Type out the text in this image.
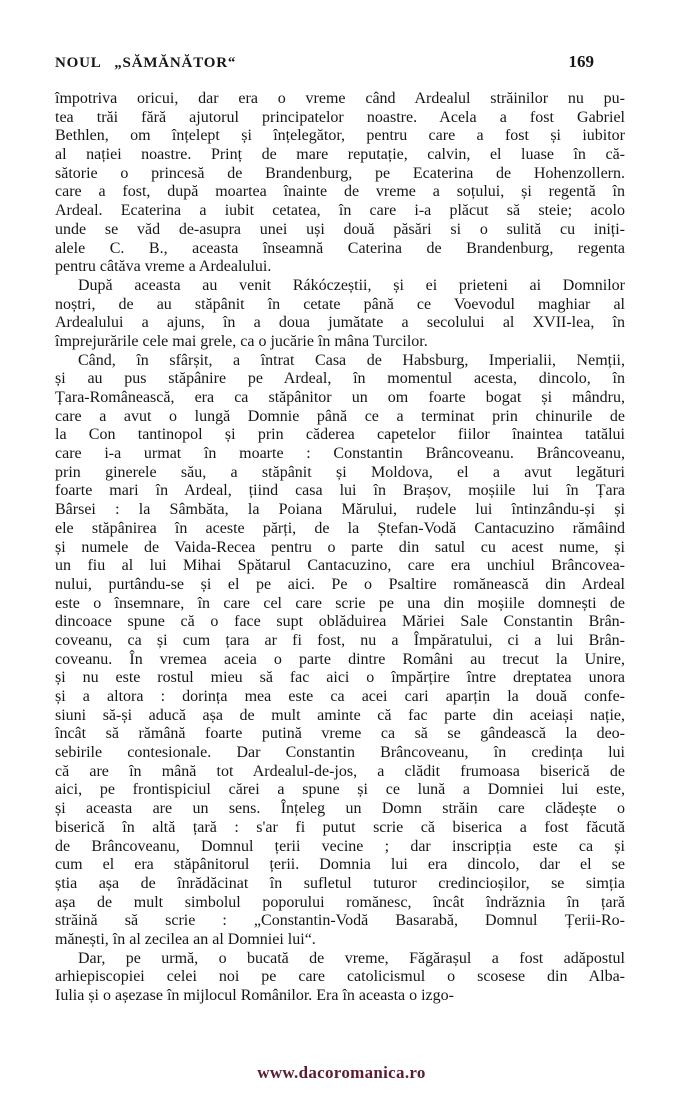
NOUL „SĂMĂNĂTOR“	169
împotriva oricui, dar era o vreme când Ardealul străinilor nu pu-
tea trăi fără ajutorul principatelor noastre. Acela a fost Gabriel
Bethlen, om înțelept și înțelegător, pentru care a fost și iubitor
al nației noastre. Prinț de mare reputație, calvin, el luase în că-
sătorie o princesă de Brandenburg, pe Ecaterina de Hohenzollern.
care a fost, după moartea înainte de vreme a soțului, și regentă în
Ardeal. Ecaterina a iubit cetatea, în care i-a plăcut să steie; acolo
unde se văd de-asupra unei uși două păsări si o sulită cu iniți-
alele C. B., aceasta înseamnă Caterina de Brandenburg, regenta
pentru câtăva vreme a Ardealului.
După aceasta au venit Rákóczeștii, și ei prieteni ai Domnilor
noștri, de au stăpânit în cetate până ce Voevodul maghiar al
Ardealului a ajuns, în a doua jumătate a secolului al XVII-lea, în
împrejurările cele mai grele, ca o jucărie în mâna Turcilor.
Când, în sfârșit, a întrat Casa de Habsburg, Imperialii, Nemții,
și au pus stăpânire pe Ardeal, în momentul acesta, dincolo, în
Țara-Românească, era ca stăpânitor un om foarte bogat și mândru,
care a avut o lungă Domnie până ce a terminat prin chinurile de
la Con tantinopol și prin căderea capetelor fiilor înaintea tatălui
care i-a urmat în moarte : Constantin Brâncoveanu. Brâncoveanu,
prin ginerele său, a stăpânit și Moldova, el a avut legături
foarte mari în Ardeal, țiind casa lui în Brașov, moșiile lui în Țara
Bârsei : la Sâmbăta, la Poiana Mărului, rudele lui întinzându-și și
ele stăpânirea în aceste părți, de la Ștefan-Vodă Cantacuzino rămâind
și numele de Vaida-Recea pentru o parte din satul cu acest nume, și
un fiu al lui Mihai Spătarul Cantacuzino, care era unchiul Brâncovea-
nului, purtându-se și el pe aici. Pe o Psaltire romănească din Ardeal
este o însemnare, în care cel care scrie pe una din moșiile domnești de
dincoace spune că o face supt oblăduirea Măriei Sale Constantin Brân-
coveanu, ca și cum țara ar fi fost, nu a Împăratului, ci a lui Brân-
coveanu. În vremea aceia o parte dintre Români au trecut la Unire,
și nu este rostul mieu să fac aici o împărțire între dreptatea unora
și a altora : dorința mea este ca acei cari aparțin la două confe-
siuni să-și aducă așa de mult aminte că fac parte din aceiași nație,
încât să rămână foarte putină vreme ca să se gândească la deo-
sebirile contesionale. Dar Constantin Brâncoveanu, în credința lui
că are în mână tot Ardealul-de-jos, a clădit frumoasa biserică de
aici, pe frontispiciul cărei a spune și ce lună a Domniei lui este,
și aceasta are un sens. Înțeleg un Domn străin care clădește o
biserică în altă țară : s'ar fi putut scrie că biserica a fost făcută
de Brâncoveanu, Domnul țerii vecine ; dar inscripția este ca și
cum el era stăpânitorul țerii. Domnia lui era dincolo, dar el se
știa așa de înrădăcinat în sufletul tuturor credincioșilor, se simția
așa de mult simbolul poporului romănesc, încât îndrăznia în țară
străină să scrie : „Constantin-Vodă Basarabă, Domnul Țerii-Ro-
mănești, în al zecilea an al Domniei lui“.
Dar, pe urmă, o bucată de vreme, Făgărașul a fost adăpostul
arhiepiscopiei celei noi pe care catolicismul o scosese din Alba-
Iulia și o așezase în mijlocul Românilor. Era în aceasta o izgo-
www.dacoromanica.ro
